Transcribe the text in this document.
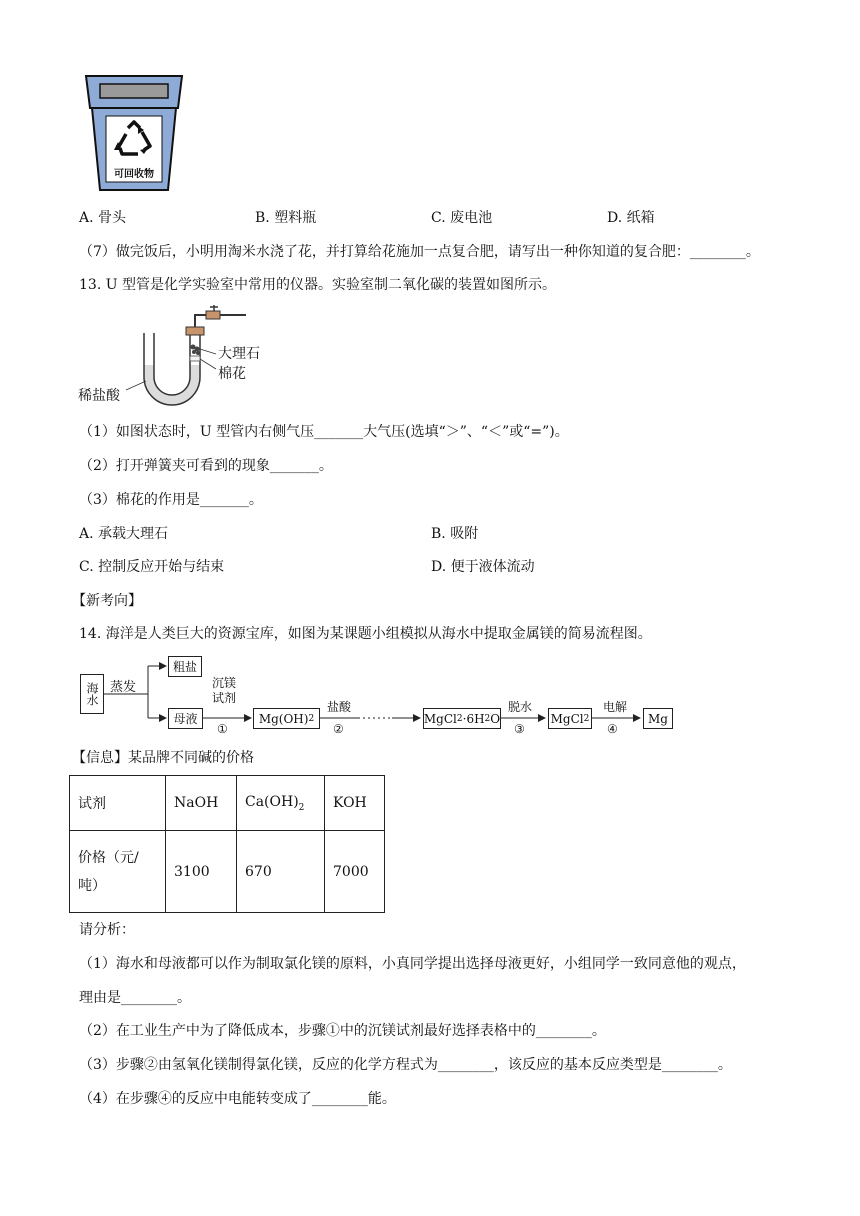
可回收物
A. 骨头	B. 塑料瓶	C. 废电池	D. 纸箱
（7）做完饭后，小明用淘米水浇了花，并打算给花施加一点复合肥，请写出一种你知道的复合肥：________。
13. U 型管是化学实验室中常用的仪器。实验室制二氧化碳的装置如图所示。
大理石
棉花
稀盐酸
（1）如图状态时，U 型管内右侧气压_______大气压(选填“＞”、“＜”或“=”)。
（2）打开弹簧夹可看到的现象_______。
（3）棉花的作用是_______。
A. 承载大理石	B. 吸附
C. 控制反应开始与结束	D. 便于液体流动
【新考向】
14. 海洋是人类巨大的资源宝库，如图为某课题小组模拟从海水中提取金属镁的简易流程图。
海水 蒸发
粗盐
母液
沉镁试剂
①
Mg(OH) 2
盐酸
②
MgCl 2 ·6H 2 O
脱水
③
MgCl 2
电解
④
Mg
【信息】某品牌不同碱的价格
试剂	NaOH	$Ca(OH)_2$	KOH

价格（元/
吨）	3100	670	7000
请分析：
（1）海水和母液都可以作为制取氯化镁的原料，小真同学提出选择母液更好，小组同学一致同意他的观点，
理由是________。
（2）在工业生产中为了降低成本，步骤①中的沉镁试剂最好选择表格中的________。
（3）步骤②由氢氧化镁制得氯化镁，反应的化学方程式为________，该反应的基本反应类型是________。
（4）在步骤④的反应中电能转变成了________能。
